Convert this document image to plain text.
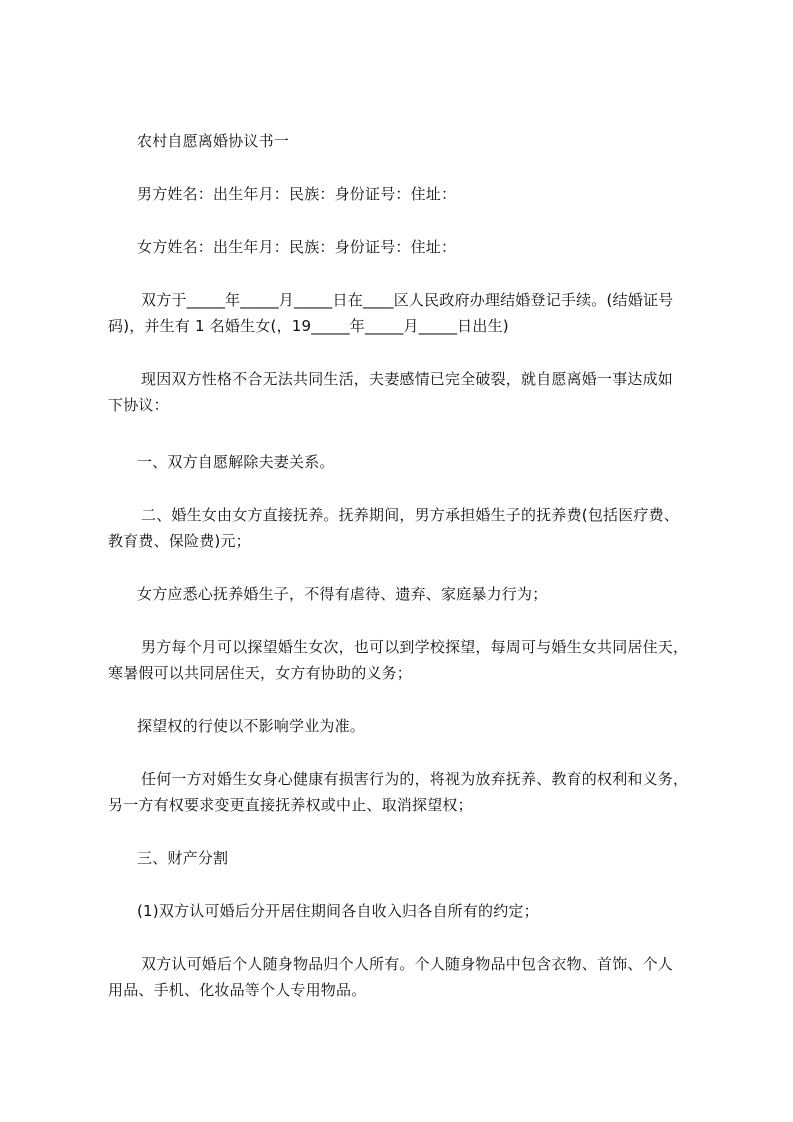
农村自愿离婚协议书一
男方姓名：出生年月：民族：身份证号：住址：
女方姓名：出生年月：民族：身份证号：住址：
双方于_____年_____月_____日在____区人民政府办理结婚登记手续。(结婚证号
码)，并生有 1 名婚生女(，19_____年_____月_____日出生)
现因双方性格不合无法共同生活，夫妻感情已完全破裂，就自愿离婚一事达成如
下协议：
一、双方自愿解除夫妻关系。
二、婚生女由女方直接抚养。抚养期间，男方承担婚生子的抚养费(包括医疗费、
教育费、保险费)元；
女方应悉心抚养婚生子，不得有虐待、遗弃、家庭暴力行为；
男方每个月可以探望婚生女次，也可以到学校探望，每周可与婚生女共同居住天，
寒暑假可以共同居住天，女方有协助的义务；
探望权的行使以不影响学业为准。
任何一方对婚生女身心健康有损害行为的，将视为放弃抚养、教育的权利和义务，
另一方有权要求变更直接抚养权或中止、取消探望权；
三、财产分割
(1)双方认可婚后分开居住期间各自收入归各自所有的约定；
双方认可婚后个人随身物品归个人所有。个人随身物品中包含衣物、首饰、个人
用品、手机、化妆品等个人专用物品。
